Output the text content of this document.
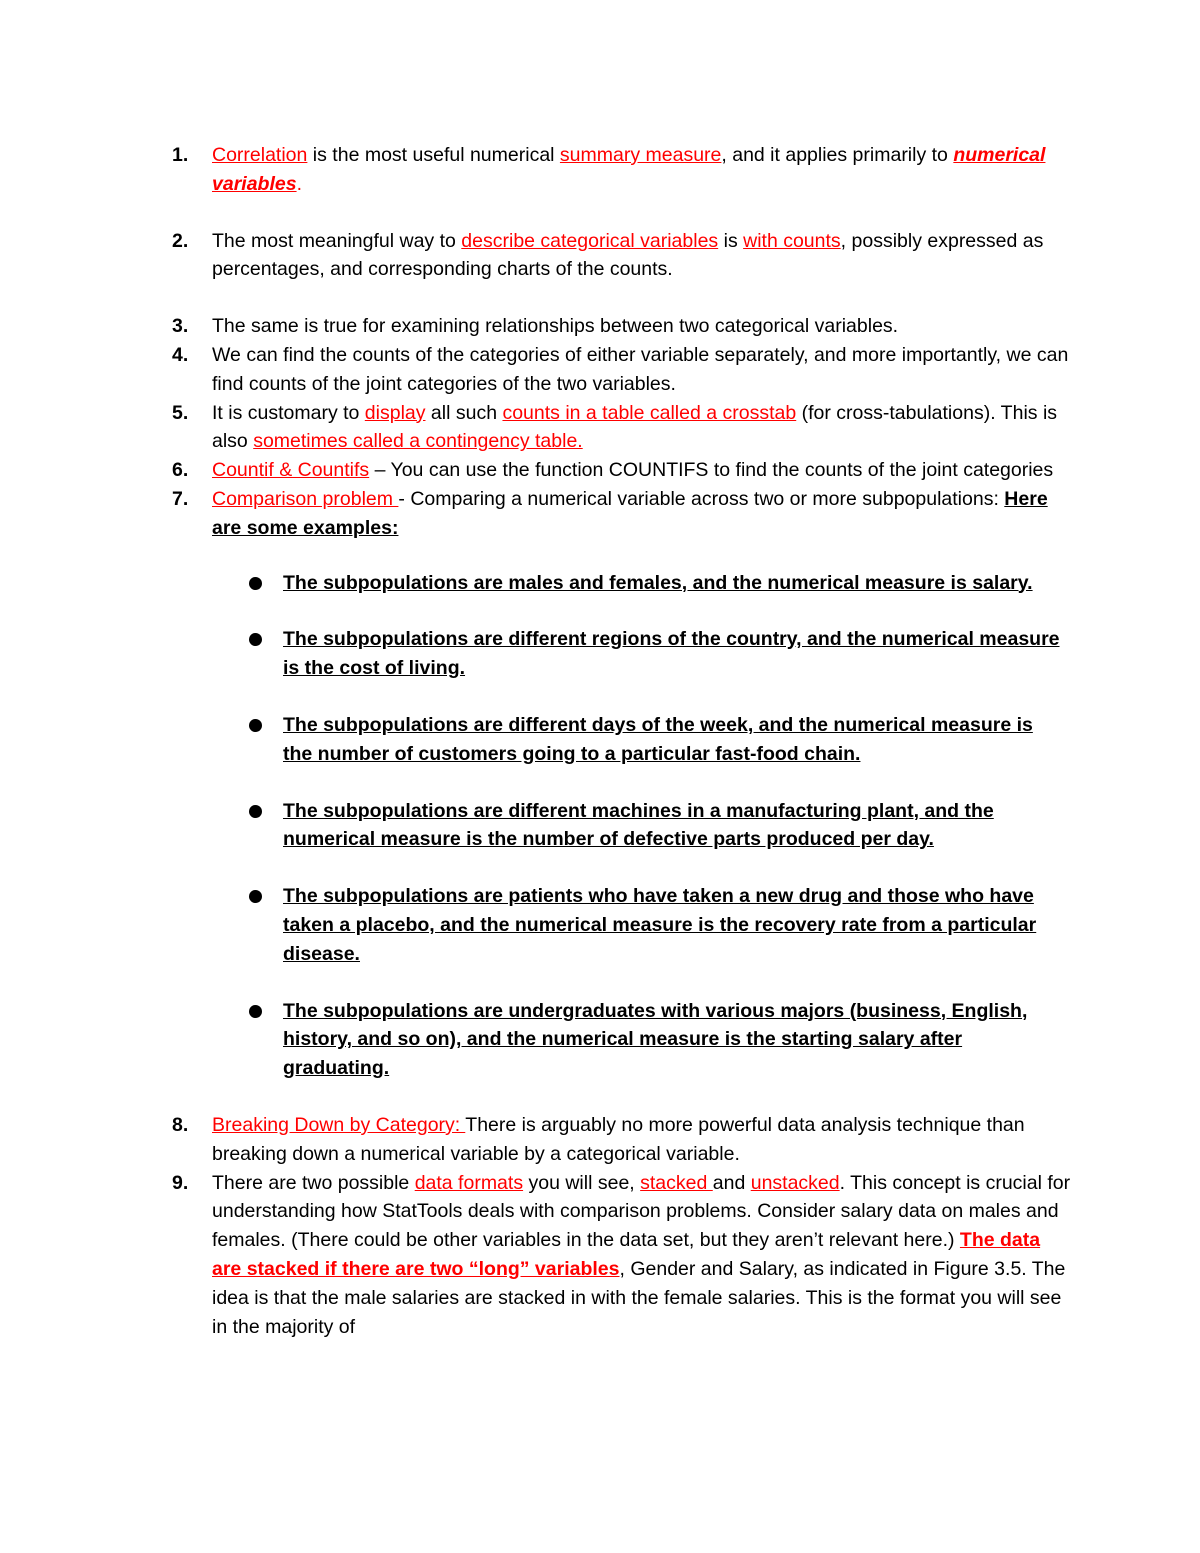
1.	Correlation is the most useful numerical summary measure, and it applies primarily to numerical variables.
2.	The most meaningful way to describe categorical variables is with counts, possibly expressed as percentages, and corresponding charts of the counts.
3.	The same is true for examining relationships between two categorical variables.
4.	We can find the counts of the categories of either variable separately, and more importantly, we can find counts of the joint categories of the two variables.
5.	It is customary to display all such counts in a table called a crosstab (for cross-tabulations). This is also sometimes called a contingency table.
6.	Countif & Countifs – You can use the function COUNTIFS to find the counts of the joint categories
7.	Comparison problem - Comparing a numerical variable across two or more subpopulations: Here are some examples:
The subpopulations are males and females, and the numerical measure is salary.
The subpopulations are different regions of the country, and the numerical measure is the cost of living.
The subpopulations are different days of the week, and the numerical measure is the number of customers going to a particular fast-food chain.
The subpopulations are different machines in a manufacturing plant, and the numerical measure is the number of defective parts produced per day.
The subpopulations are patients who have taken a new drug and those who have taken a placebo, and the numerical measure is the recovery rate from a particular disease.
The subpopulations are undergraduates with various majors (business, English, history, and so on), and the numerical measure is the starting salary after graduating.
8.	Breaking Down by Category: There is arguably no more powerful data analysis technique than breaking down a numerical variable by a categorical variable.
9.	There are two possible data formats you will see, stacked and unstacked. This concept is crucial for understanding how StatTools deals with comparison problems. Consider salary data on males and females. (There could be other variables in the data set, but they aren’t relevant here.) The data are stacked if there are two “long” variables, Gender and Salary, as indicated in Figure 3.5. The idea is that the male salaries are stacked in with the female salaries. This is the format you will see in the majority of
